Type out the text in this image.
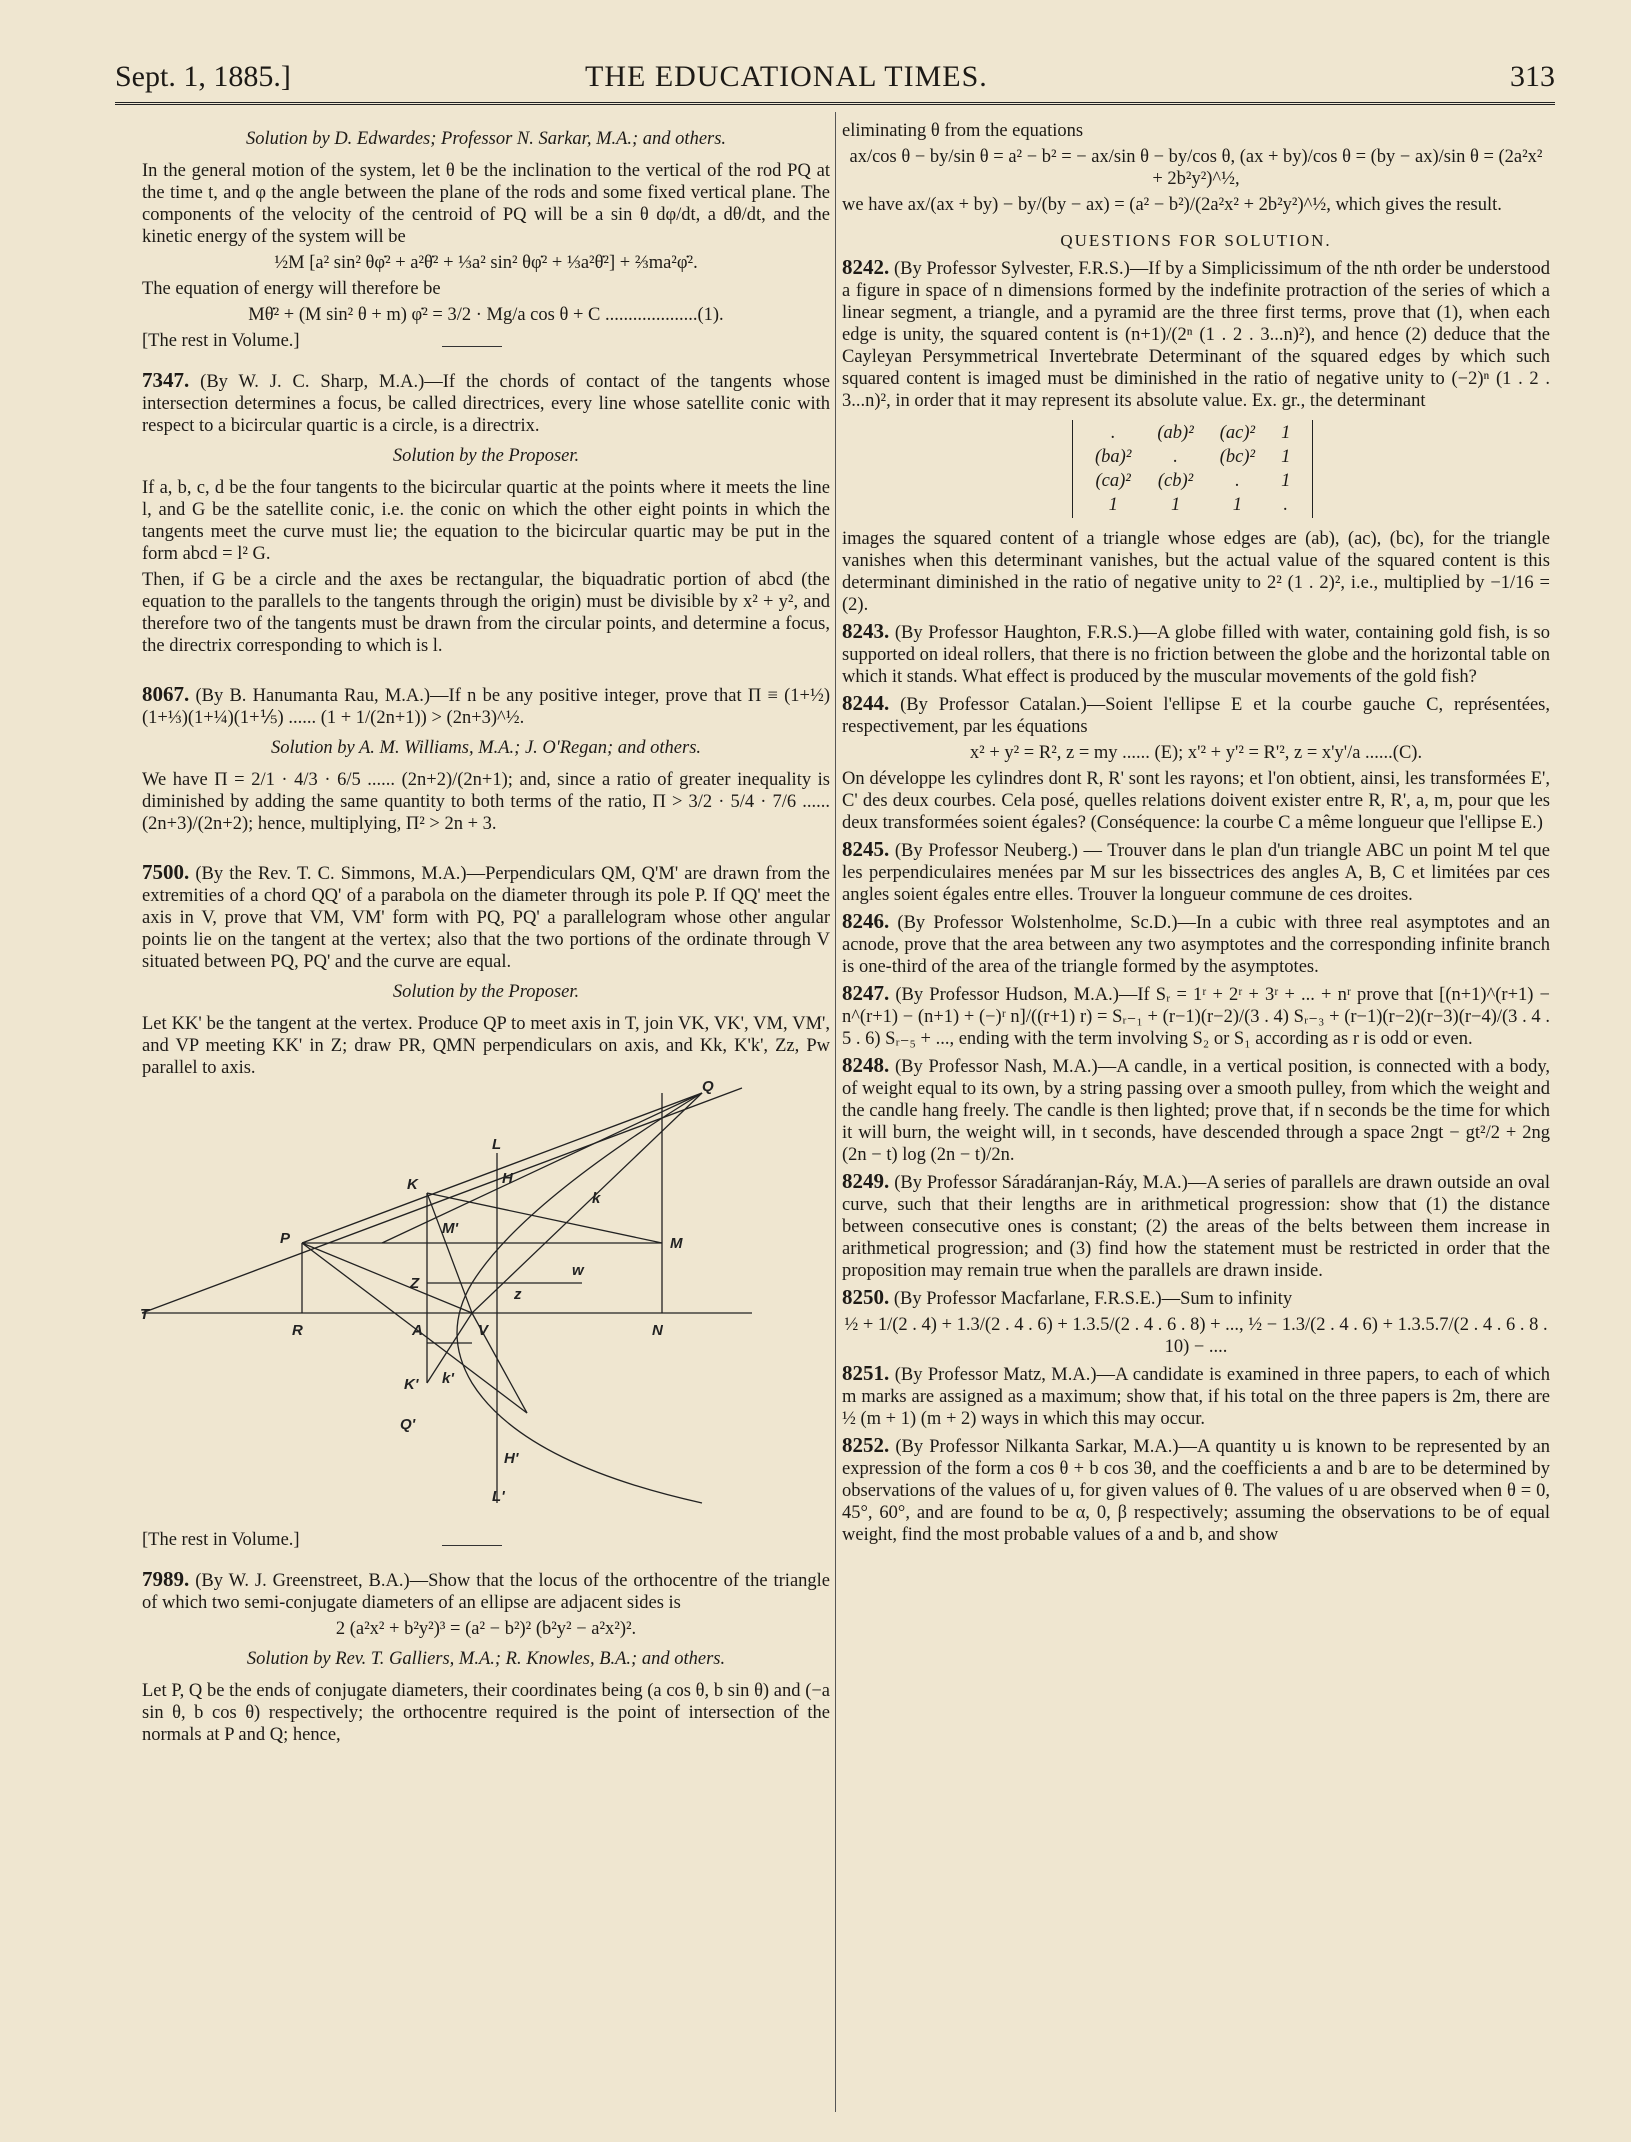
Sept. 1, 1885.]	THE EDUCATIONAL TIMES.	313

Solution by D. Edwardes; Professor N. Sarkar, M.A.; and others.

In the general motion of the system, let θ be the inclination to the vertical of the rod PQ at the time t, and φ the angle between the plane of the rods and some fixed vertical plane. The components of the velocity of the centroid of PQ will be a sin θ dφ/dt, a dθ/dt, and the kinetic energy of the system will be

½M [a² sin² θφ̇² + a²θ̇² + ⅓a² sin² θφ̇² + ⅓a²θ̇²] + ⅔ma²φ̇².

The equation of energy will therefore be

Mθ̇² + (M sin² θ + m) φ̇² = 3/2 · Mg/a cos θ + C ....................(1).

[The rest in Volume.]

7347. (By W. J. C. Sharp, M.A.)—If the chords of contact of the tangents whose intersection determines a focus, be called directrices, every line whose satellite conic with respect to a bicircular quartic is a circle, is a directrix.

Solution by the Proposer.

If a, b, c, d be the four tangents to the bicircular quartic at the points where it meets the line l, and G be the satellite conic, i.e. the conic on which the other eight points in which the tangents meet the curve must lie; the equation to the bicircular quartic may be put in the form abcd = l² G.

Then, if G be a circle and the axes be rectangular, the biquadratic portion of abcd (the equation to the parallels to the tangents through the origin) must be divisible by x² + y², and therefore two of the tangents must be drawn from the circular points, and determine a focus, the directrix corresponding to which is l.

8067. (By B. Hanumanta Rau, M.A.)—If n be any positive integer, prove that Π ≡ (1+½)(1+⅓)(1+¼)(1+⅕) ...... (1 + 1/(2n+1)) > (2n+3)^½.

Solution by A. M. Williams, M.A.; J. O'Regan; and others.

We have Π = 2/1 · 4/3 · 6/5 ...... (2n+2)/(2n+1); and, since a ratio of greater inequality is diminished by adding the same quantity to both terms of the ratio, Π > 3/2 · 5/4 · 7/6 ...... (2n+3)/(2n+2); hence, multiplying, Π² > 2n + 3.

7500. (By the Rev. T. C. Simmons, M.A.)—Perpendiculars QM, Q'M' are drawn from the extremities of a chord QQ' of a parabola on the diameter through its pole P. If QQ' meet the axis in V, prove that VM, VM' form with PQ, PQ' a parallelogram whose other angular points lie on the tangent at the vertex; also that the two portions of the ordinate through V situated between PQ, PQ' and the curve are equal.

Solution by the Proposer.

Let KK' be the tangent at the vertex. Produce QP to meet axis in T, join VK, VK', VM, VM', and VP meeting KK' in Z; draw PR, QMN perpendiculars on axis, and Kk, K'k', Zz, Pw parallel to axis.

Q
L
H
K
k
M'
M
P
w
Z
z
T
R	A	V	N
K' k'
Q'
H'
L'

[The rest in Volume.]

7989. (By W. J. Greenstreet, B.A.)—Show that the locus of the orthocentre of the triangle of which two semi-conjugate diameters of an ellipse are adjacent sides is

2 (a²x² + b²y²)³ = (a² − b²)² (b²y² − a²x²)².

Solution by Rev. T. Galliers, M.A.; R. Knowles, B.A.; and others.

Let P, Q be the ends of conjugate diameters, their coordinates being (a cos θ, b sin θ) and (−a sin θ, b cos θ) respectively; the orthocentre required is the point of intersection of the normals at P and Q; hence,

eliminating θ from the equations

ax/cos θ − by/sin θ = a² − b² = − ax/sin θ − by/cos θ, (ax + by)/cos θ = (by − ax)/sin θ = (2a²x² + 2b²y²)^½,

we have ax/(ax + by) − by/(by − ax) = (a² − b²)/(2a²x² + 2b²y²)^½, which gives the result.

QUESTIONS FOR SOLUTION.

8242. (By Professor Sylvester, F.R.S.)—If by a Simplicissimum of the nth order be understood a figure in space of n dimensions formed by the indefinite protraction of the series of which a linear segment, a triangle, and a pyramid are the three first terms, prove that (1), when each edge is unity, the squared content is (n+1)/(2ⁿ (1 . 2 . 3...n)²), and hence (2) deduce that the Cayleyan Persymmetrical Invertebrate Determinant of the squared edges by which such squared content is imaged must be diminished in the ratio of negative unity to (−2)ⁿ (1 . 2 . 3...n)², in order that it may represent its absolute value. Ex. gr., the determinant

.	(ab)²	(ac)²	1
(ba)²	.	(bc)²	1
(ca)²	(cb)²	.	1
1	1	1	.

images the squared content of a triangle whose edges are (ab), (ac), (bc), for the triangle vanishes when this determinant vanishes, but the actual value of the squared content is this determinant diminished in the ratio of negative unity to 2² (1 . 2)², i.e., multiplied by −1/16 = (2).

8243. (By Professor Haughton, F.R.S.)—A globe filled with water, containing gold fish, is so supported on ideal rollers, that there is no friction between the globe and the horizontal table on which it stands. What effect is produced by the muscular movements of the gold fish?

8244. (By Professor Catalan.)—Soient l'ellipse E et la courbe gauche C, représentées, respectivement, par les équations

x² + y² = R², z = my ...... (E); x'² + y'² = R'², z = x'y'/a ......(C).

On développe les cylindres dont R, R' sont les rayons; et l'on obtient, ainsi, les transformées E', C' des deux courbes. Cela posé, quelles relations doivent exister entre R, R', a, m, pour que les deux transformées soient égales? (Conséquence: la courbe C a même longueur que l'ellipse E.)

8245. (By Professor Neuberg.) — Trouver dans le plan d'un triangle ABC un point M tel que les perpendiculaires menées par M sur les bissectrices des angles A, B, C et limitées par ces angles soient égales entre elles. Trouver la longueur commune de ces droites.

8246. (By Professor Wolstenholme, Sc.D.)—In a cubic with three real asymptotes and an acnode, prove that the area between any two asymptotes and the corresponding infinite branch is one-third of the area of the triangle formed by the asymptotes.

8247. (By Professor Hudson, M.A.)—If Sᵣ = 1ʳ + 2ʳ + 3ʳ + ... + nʳ prove that [(n+1)^(r+1) − n^(r+1) − (n+1) + (−)ʳ n]/((r+1) r) = Sᵣ₋₁ + (r−1)(r−2)/(3 . 4) Sᵣ₋₃ + (r−1)(r−2)(r−3)(r−4)/(3 . 4 . 5 . 6) Sᵣ₋₅ + ..., ending with the term involving S₂ or S₁ according as r is odd or even.

8248. (By Professor Nash, M.A.)—A candle, in a vertical position, is connected with a body, of weight equal to its own, by a string passing over a smooth pulley, from which the weight and the candle hang freely. The candle is then lighted; prove that, if n seconds be the time for which it will burn, the weight will, in t seconds, have descended through a space 2ngt − gt²/2 + 2ng (2n − t) log (2n − t)/2n.

8249. (By Professor Sáradáranjan-Ráy, M.A.)—A series of parallels are drawn outside an oval curve, such that their lengths are in arithmetical progression: show that (1) the distance between consecutive ones is constant; (2) the areas of the belts between them increase in arithmetical progression; and (3) find how the statement must be restricted in order that the proposition may remain true when the parallels are drawn inside.

8250. (By Professor Macfarlane, F.R.S.E.)—Sum to infinity

½ + 1/(2 . 4) + 1.3/(2 . 4 . 6) + 1.3.5/(2 . 4 . 6 . 8) + ..., ½ − 1.3/(2 . 4 . 6) + 1.3.5.7/(2 . 4 . 6 . 8 . 10) − ....

8251. (By Professor Matz, M.A.)—A candidate is examined in three papers, to each of which m marks are assigned as a maximum; show that, if his total on the three papers is 2m, there are ½ (m + 1) (m + 2) ways in which this may occur.

8252. (By Professor Nilkanta Sarkar, M.A.)—A quantity u is known to be represented by an expression of the form a cos θ + b cos 3θ, and the coefficients a and b are to be determined by observations of the values of u, for given values of θ. The values of u are observed when θ = 0, 45°, 60°, and are found to be α, 0, β respectively; assuming the observations to be of equal weight, find the most probable values of a and b, and show
